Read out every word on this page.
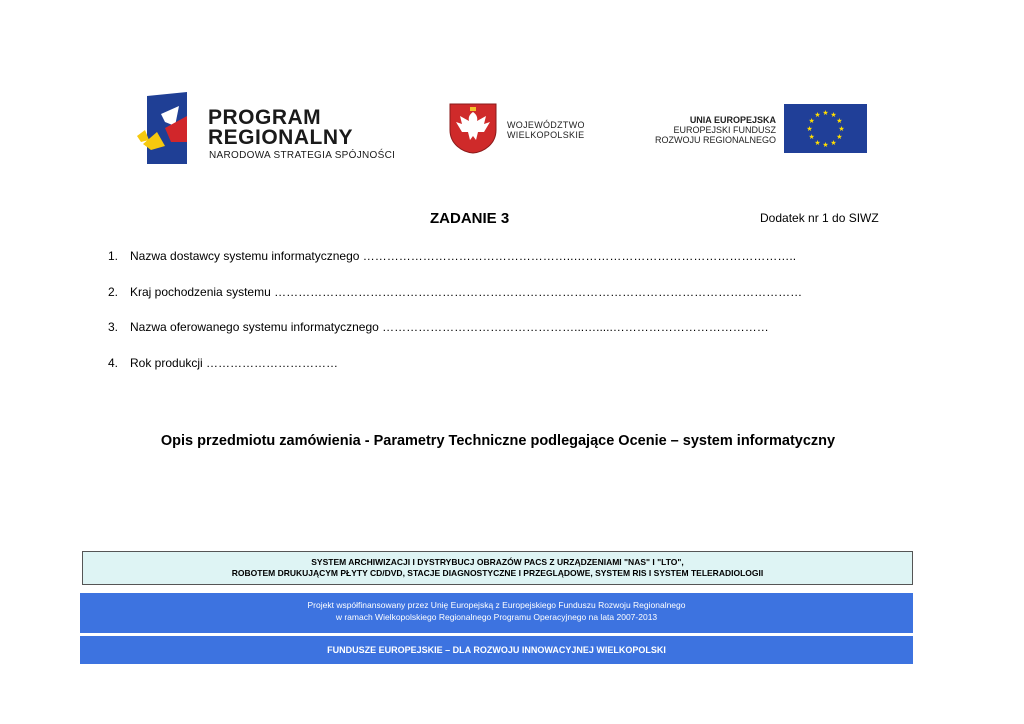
PROGRAM
REGIONALNY
NARODOWA STRATEGIA SPÓJNOŚCI
WOJEWÓDZTWO
WIELKOPOLSKIE
UNIA EUROPEJSKA
EUROPEJSKI FUNDUSZ
ROZWOJU REGIONALNEGO
★ ★
★
★
★
★
★
★
★
★
★
★
ZADANIE 3	Dodatek nr 1 do SIWZ
1. Nazwa dostawcy systemu informatycznego ……………………………………………..………………………………………………..
2. Kraj pochodzenia systemu ……………………………………………………………………………………………………………………
3. Nazwa oferowanego systemu informatycznego …………………………………………...….....…………………………………
4. Rok produkcji ……………………………
Opis przedmiotu zamówienia - Parametry Techniczne podlegające Ocenie – system informatyczny
SYSTEM ARCHIWIZACJI I DYSTRYBUCJ OBRAZÓW PACS Z URZĄDZENIAMI "NAS" I "LTO",
ROBOTEM DRUKUJĄCYM PŁYTY CD/DVD, STACJE DIAGNOSTYCZNE I PRZEGLĄDOWE, SYSTEM RIS I SYSTEM TELERADIOLOGII
Projekt współfinansowany przez Unię Europejską z Europejskiego Funduszu Rozwoju Regionalnego
w ramach Wielkopolskiego Regionalnego Programu Operacyjnego na lata 2007-2013
FUNDUSZE EUROPEJSKIE – DLA ROZWOJU INNOWACYJNEJ WIELKOPOLSKI
